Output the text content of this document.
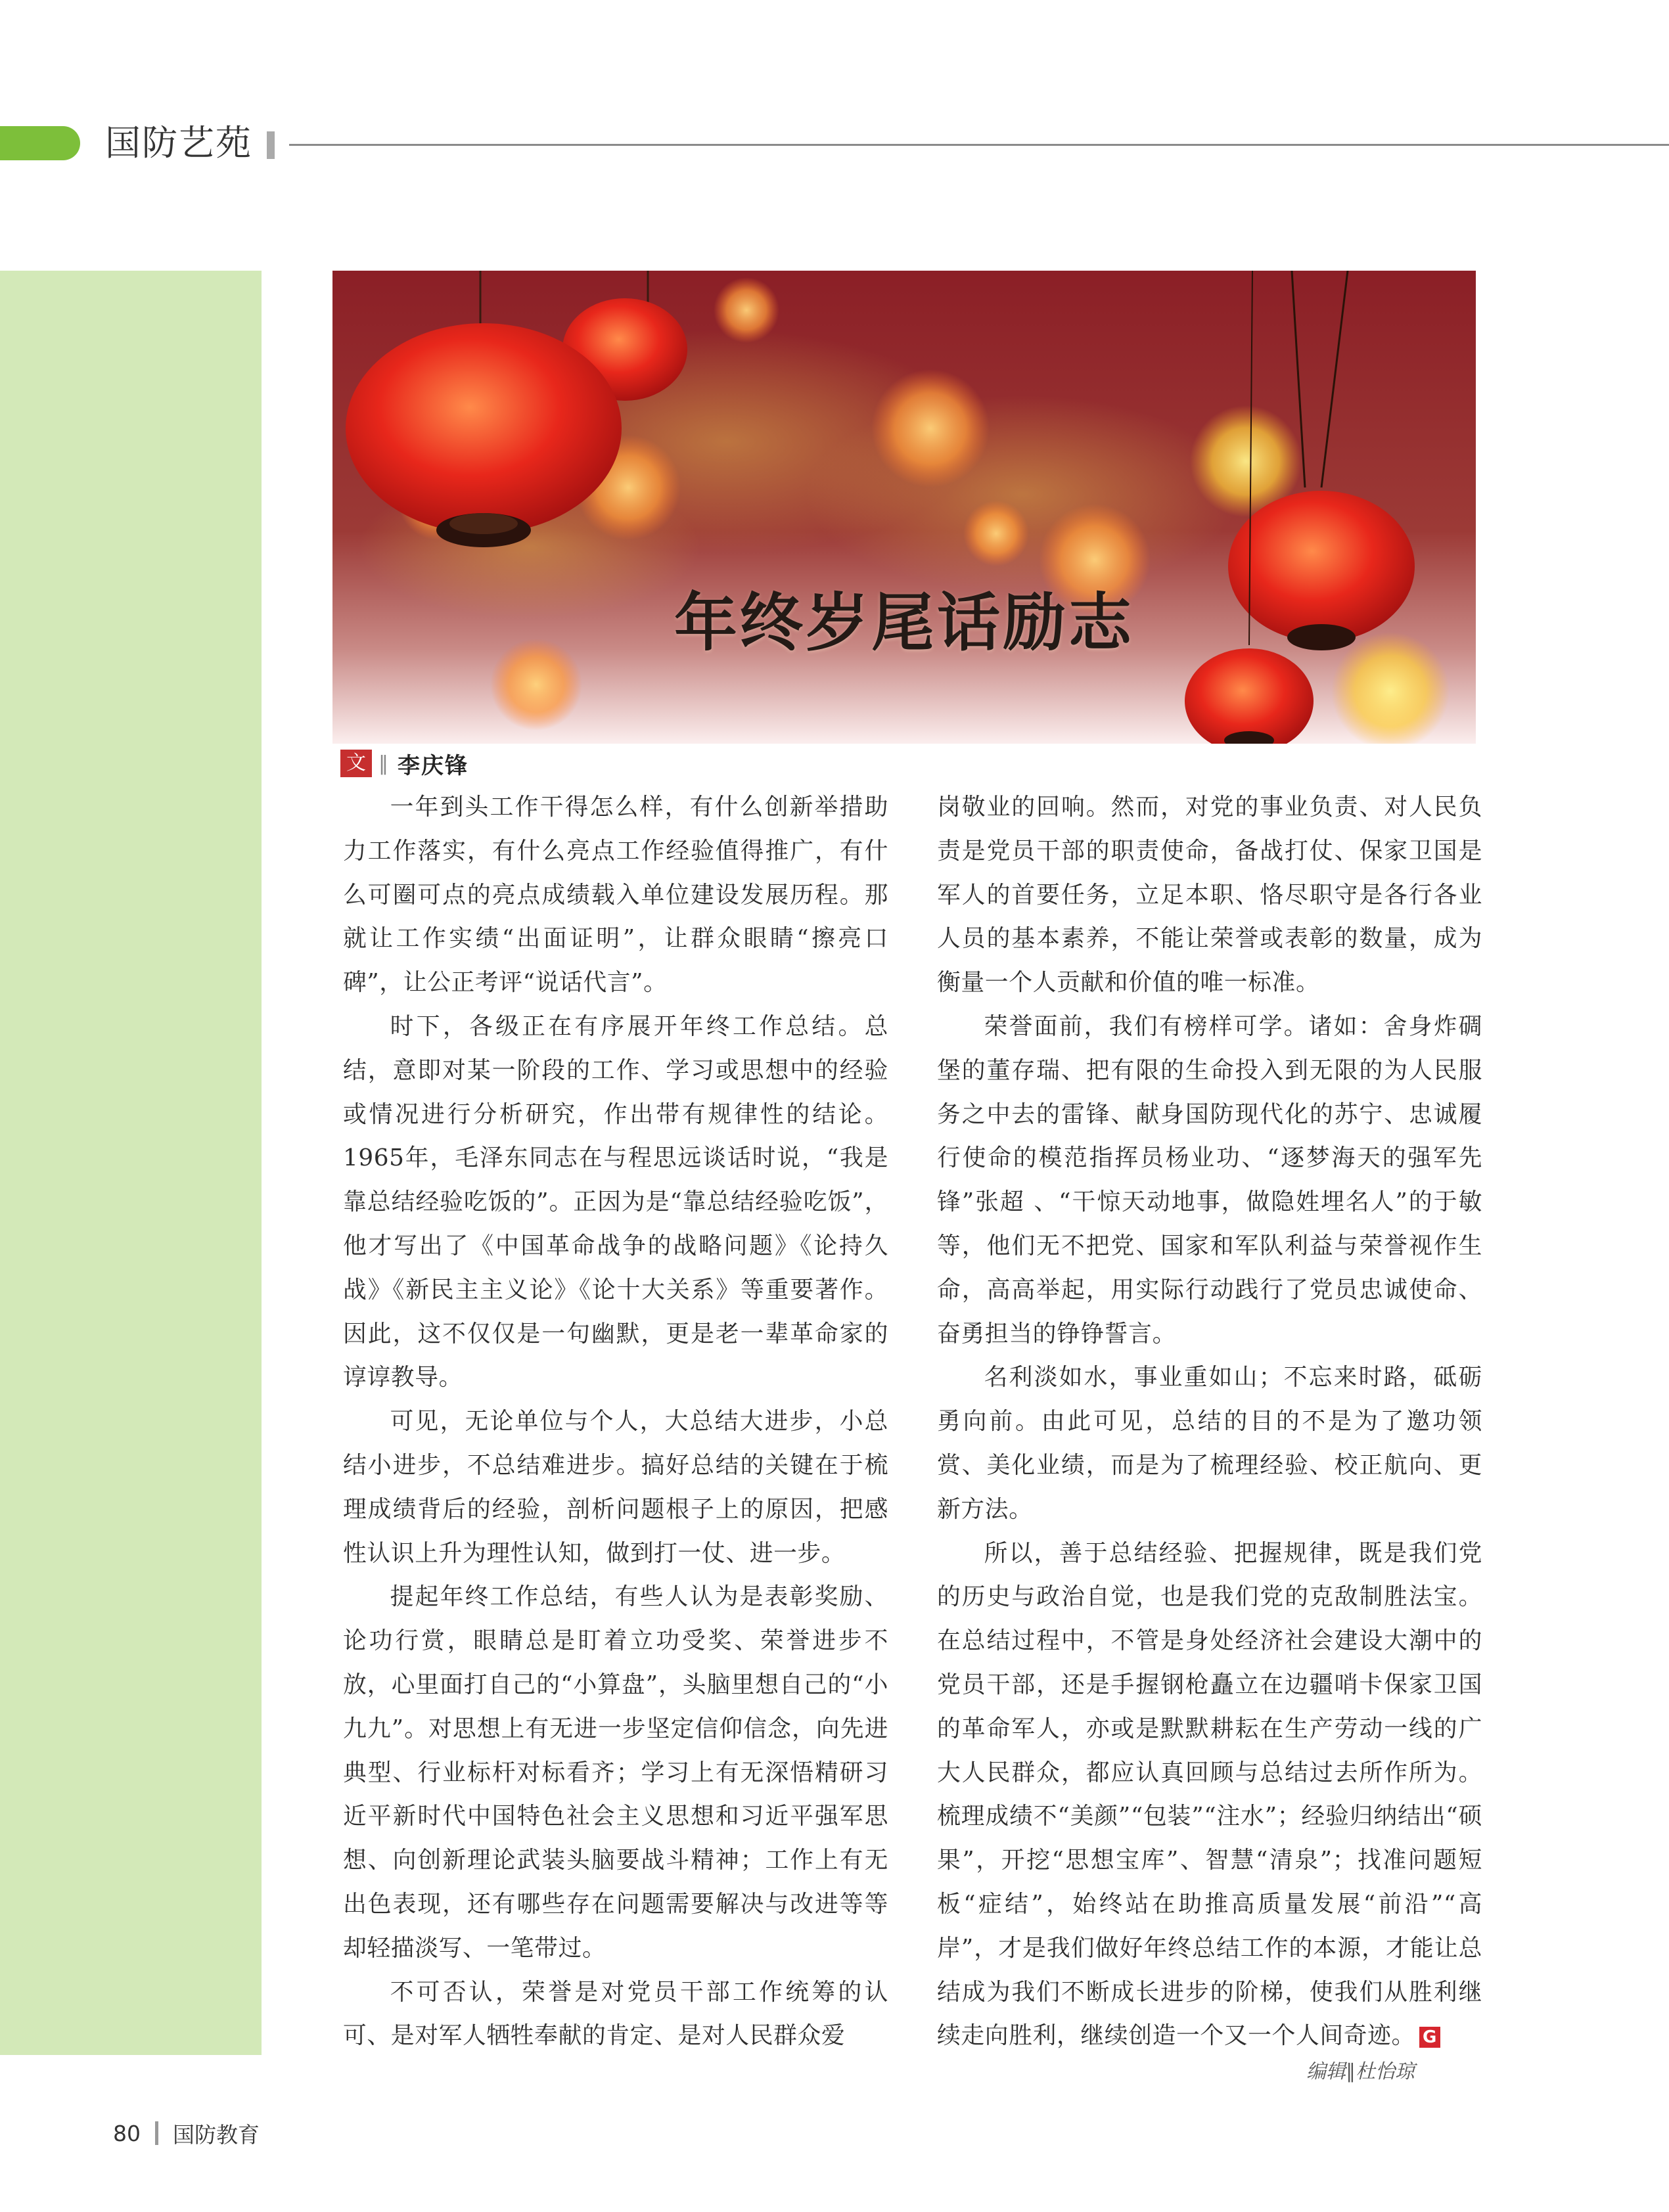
国防艺苑
年终岁尾话励志
文 ‖ 李庆锋

一年到头工作干得怎么样，有什么创新举措助力工作落实，有什么亮点工作经验值得推广，有什么可圈可点的亮点成绩载入单位建设发展历程。那就让工作实绩“出面证明”，让群众眼睛“擦亮口碑”，让公正考评“说话代言”。

时下，各级正在有序展开年终工作总结。总结，意即对某一阶段的工作、学习或思想中的经验或情况进行分析研究，作出带有规律性的结论。1965年，毛泽东同志在与程思远谈话时说，“我是靠总结经验吃饭的”。正因为是“靠总结经验吃饭”，他才写出了《中国革命战争的战略问题》《论持久战》《新民主主义论》《论十大关系》等重要著作。因此，这不仅仅是一句幽默，更是老一辈革命家的谆谆教导。

可见，无论单位与个人，大总结大进步，小总结小进步，不总结难进步。搞好总结的关键在于梳理成绩背后的经验，剖析问题根子上的原因，把感性认识上升为理性认知，做到打一仗、进一步。

提起年终工作总结，有些人认为是表彰奖励、论功行赏，眼睛总是盯着立功受奖、荣誉进步不放，心里面打自己的“小算盘”，头脑里想自己的“小九九”。对思想上有无进一步坚定信仰信念，向先进典型、行业标杆对标看齐；学习上有无深悟精研习近平新时代中国特色社会主义思想和习近平强军思想、向创新理论武装头脑要战斗精神；工作上有无出色表现，还有哪些存在问题需要解决与改进等等却轻描淡写、一笔带过。

不可否认，荣誉是对党员干部工作统筹的认可、是对军人牺牲奉献的肯定、是对人民群众爱

岗敬业的回响。然而，对党的事业负责、对人民负责是党员干部的职责使命，备战打仗、保家卫国是军人的首要任务，立足本职、恪尽职守是各行各业人员的基本素养，不能让荣誉或表彰的数量，成为衡量一个人贡献和价值的唯一标准。

荣誉面前，我们有榜样可学。诸如：舍身炸碉堡的董存瑞、把有限的生命投入到无限的为人民服务之中去的雷锋、献身国防现代化的苏宁、忠诚履行使命的模范指挥员杨业功、“逐梦海天的强军先锋”张超 、“干惊天动地事，做隐姓埋名人”的于敏等，他们无不把党、国家和军队利益与荣誉视作生命，高高举起，用实际行动践行了党员忠诚使命、奋勇担当的铮铮誓言。

名利淡如水，事业重如山；不忘来时路，砥砺勇向前。由此可见，总结的目的不是为了邀功领赏、美化业绩，而是为了梳理经验、校正航向、更新方法。

所以，善于总结经验、把握规律，既是我们党的历史与政治自觉，也是我们党的克敌制胜法宝。在总结过程中，不管是身处经济社会建设大潮中的党员干部，还是手握钢枪矗立在边疆哨卡保家卫国的革命军人，亦或是默默耕耘在生产劳动一线的广大人民群众，都应认真回顾与总结过去所作所为。梳理成绩不“美颜”“包装”“注水”；经验归纳结出“硕果”，开挖“思想宝库”、智慧“清泉”；找准问题短板“症结”，始终站在助推高质量发展“前沿”“高岸”，才是我们做好年终总结工作的本源，才能让总结成为我们不断成长进步的阶梯，使我们从胜利继续走向胜利，继续创造一个又一个人间奇迹。 G

编辑∥杜怡琼
80 国防教育
